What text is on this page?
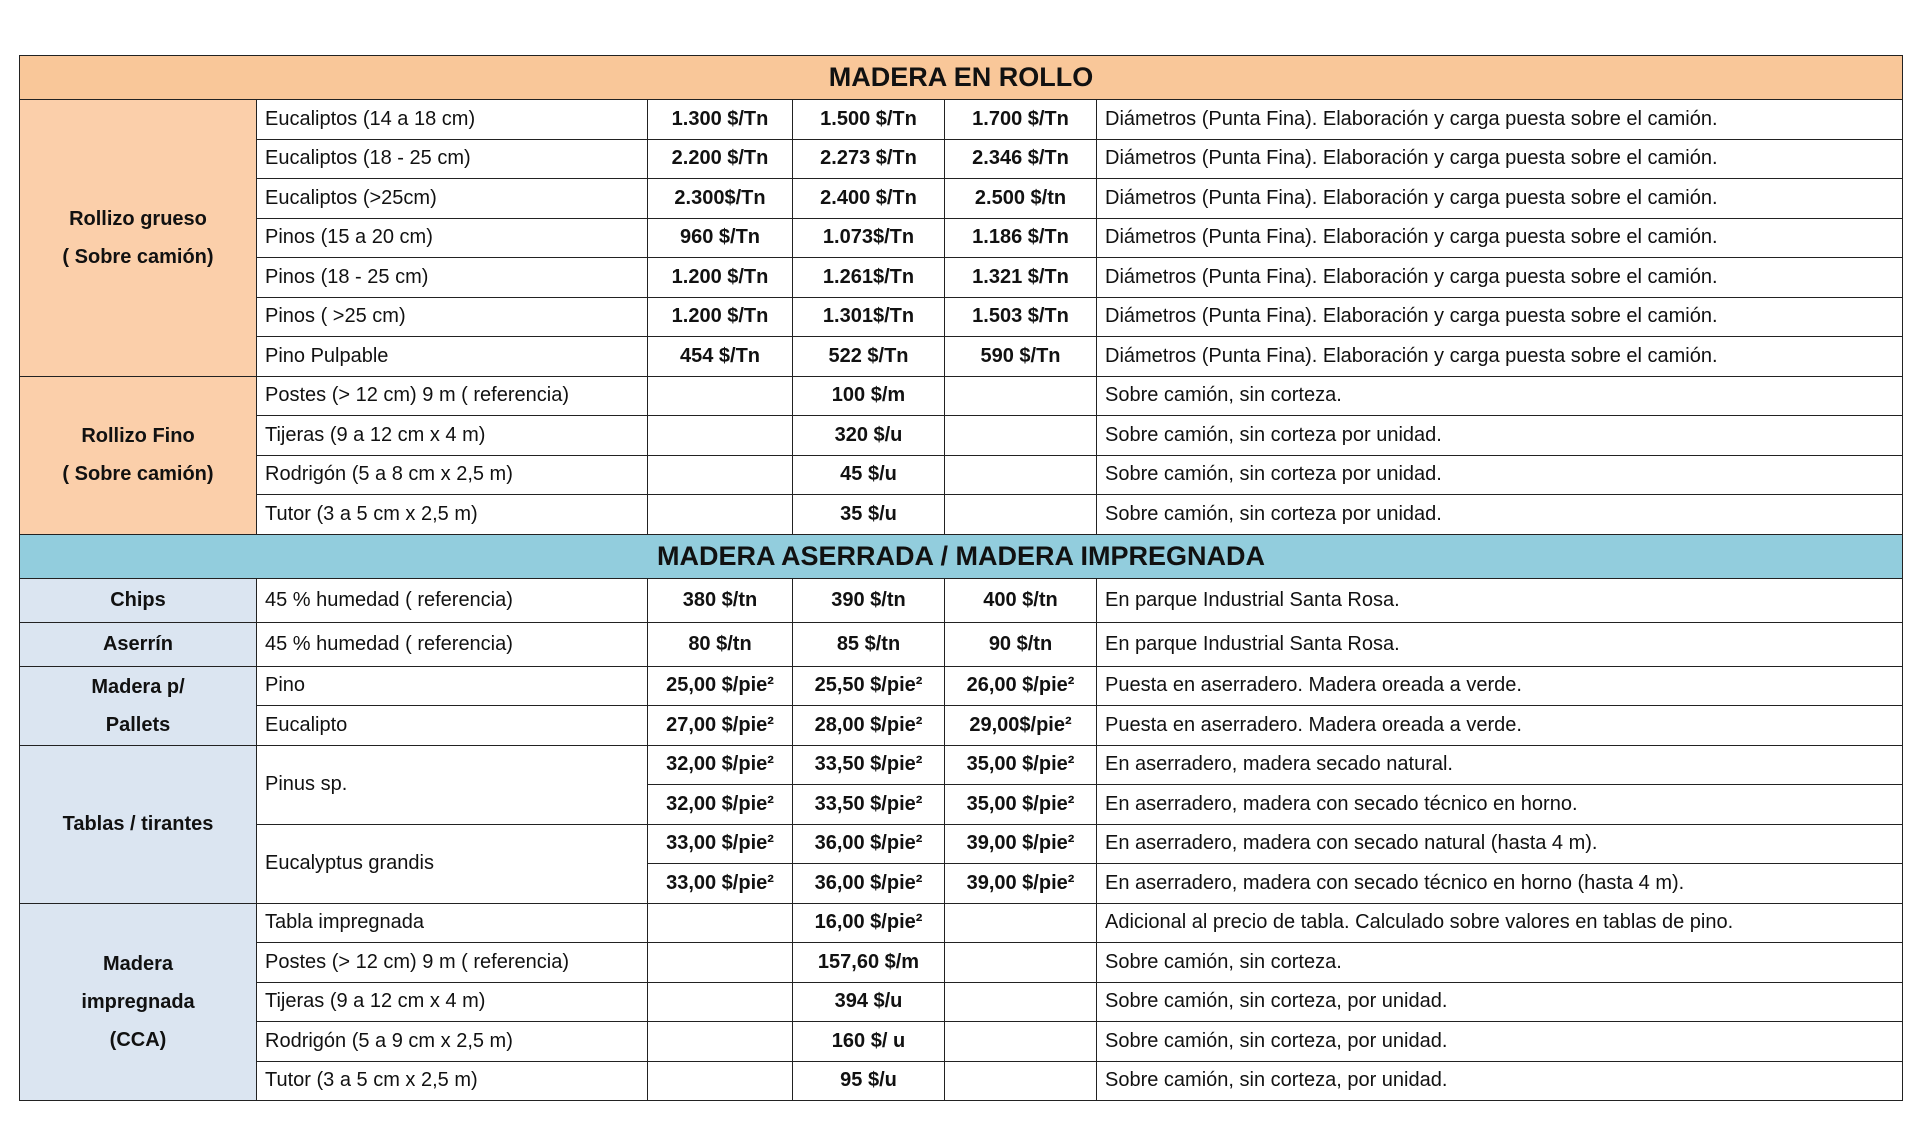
MADERA EN ROLLO					

Rollizo grueso
( Sobre camión)	Eucaliptos (14 a 18 cm)	1.300 $/Tn	1.500 $/Tn	1.700 $/Tn	Diámetros (Punta Fina). Elaboración y carga puesta sobre el camión.
	Eucaliptos (18 - 25 cm)	2.200 $/Tn	2.273 $/Tn	2.346 $/Tn	Diámetros (Punta Fina). Elaboración y carga puesta sobre el camión.
	Eucaliptos (>25cm)	2.300$/Tn	2.400 $/Tn	2.500 $/tn	Diámetros (Punta Fina). Elaboración y carga puesta sobre el camión.
	Pinos (15 a 20 cm)	960 $/Tn	1.073$/Tn	1.186 $/Tn	Diámetros (Punta Fina). Elaboración y carga puesta sobre el camión.
	Pinos (18 - 25 cm)	1.200 $/Tn	1.261$/Tn	1.321 $/Tn	Diámetros (Punta Fina). Elaboración y carga puesta sobre el camión.
	Pinos ( >25 cm)	1.200 $/Tn	1.301$/Tn	1.503 $/Tn	Diámetros (Punta Fina). Elaboración y carga puesta sobre el camión.
	Pino Pulpable	454 $/Tn	522 $/Tn	590 $/Tn	Diámetros (Punta Fina). Elaboración y carga puesta sobre el camión.

Rollizo Fino
( Sobre camión)	Postes (> 12 cm) 9 m ( referencia)		100 $/m		Sobre camión, sin corteza.
	Tijeras (9 a 12 cm x 4 m)		320 $/u		Sobre camión, sin corteza por unidad.
	Rodrigón (5 a 8 cm x 2,5 m)		45 $/u		Sobre camión, sin corteza por unidad.
	Tutor (3 a 5 cm x 2,5 m)		35 $/u		Sobre camión, sin corteza por unidad.
MADERA ASERRADA / MADERA IMPREGNADA					

Chips	45 % humedad ( referencia)	380 $/tn	390 $/tn	400 $/tn	En parque Industrial Santa Rosa.

Aserrín	45 % humedad ( referencia)	80 $/tn	85 $/tn	90 $/tn	En parque Industrial Santa Rosa.

Madera p/
Pallets	Pino	25,00 $/pie²	25,50 $/pie²	26,00 $/pie²	Puesta en aserradero. Madera oreada a verde.
	Eucalipto	27,00 $/pie²	28,00 $/pie²	29,00$/pie²	Puesta en aserradero. Madera oreada a verde.

Tablas / tirantes	Pinus sp.	32,00 $/pie²	33,50 $/pie²	35,00 $/pie²	En aserradero, madera secado natural.
		32,00 $/pie²	33,50 $/pie²	35,00 $/pie²	En aserradero, madera con secado técnico en horno.
	Eucalyptus grandis	33,00 $/pie²	36,00 $/pie²	39,00 $/pie²	En aserradero, madera con secado natural (hasta 4 m).
		33,00 $/pie²	36,00 $/pie²	39,00 $/pie²	En aserradero, madera con secado técnico en horno (hasta 4 m).

Madera
impregnada
(CCA)	Tabla impregnada		16,00 $/pie²		Adicional al precio de tabla. Calculado sobre valores en tablas de pino.
	Postes (> 12 cm) 9 m ( referencia)		157,60 $/m		Sobre camión, sin corteza.
	Tijeras (9 a 12 cm x 4 m)		394 $/u		Sobre camión, sin corteza, por unidad.
	Rodrigón (5 a 9 cm x 2,5 m)		160 $/ u		Sobre camión, sin corteza, por unidad.
	Tutor (3 a 5 cm x 2,5 m)		95 $/u		Sobre camión, sin corteza, por unidad.
